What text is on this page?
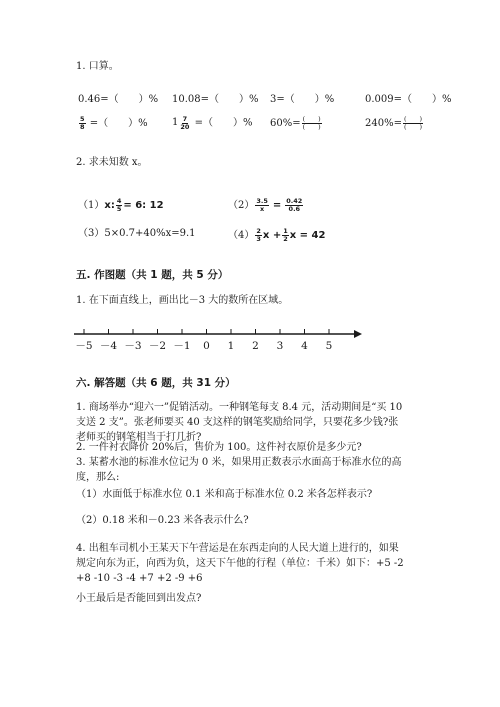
1. 口算。
0.46=（　　）% 10.08=（　　）% 3=（　　）%	0.009=（　　）%
$\frac{5}{8}$ =（　　）% $1 \frac{7}{20}$ =（　　）% $60\%= \frac{( )}{( )}$	$240\%= \frac{( )}{( )}$
2. 求未知数 x。
（1）x: $\frac{4}{5} = 6$: 12	$(2) \frac{3.5}{x} = \frac{0.42}{0.6}$
（3）5×0.7+40%x=9.1	$(4) \frac{2}{3}$ $x + \frac{1}{2}$ x = 42
五. 作图题（共 1 题，共 5 分）
1. 在下面直线上，画出比－3 大的数所在区域。
－5 －4 －3 －2 －1 0 1 2 3 4 5
六. 解答题（共 6 题，共 31 分）
1. 商场举办“迎六一”促销活动。一种钢笔每支 8.4 元，活动期间是“买 10 支送 2 支”。张老师要买 40 支这样的钢笔奖励给同学，只要花多少钱?张老师买的钢笔相当于打几折?
2. 一件衬衣降价 20%后，售价为 100。这件衬衣原价是多少元?
3. 某蓄水池的标准水位记为 0 米，如果用正数表示水面高于标准水位的高度，那么:
（1）水面低于标准水位 0.1 米和高于标准水位 0.2 米各怎样表示?
（2）0.18 米和－0.23 米各表示什么?
4. 出租车司机小王某天下午营运是在东西走向的人民大道上进行的，如果规定向东为正，向西为负，这天下午他的行程（单位：千米）如下：+5 -2 +8 -10 -3 -4 +7 +2 -9 +6
小王最后是否能回到出发点?
